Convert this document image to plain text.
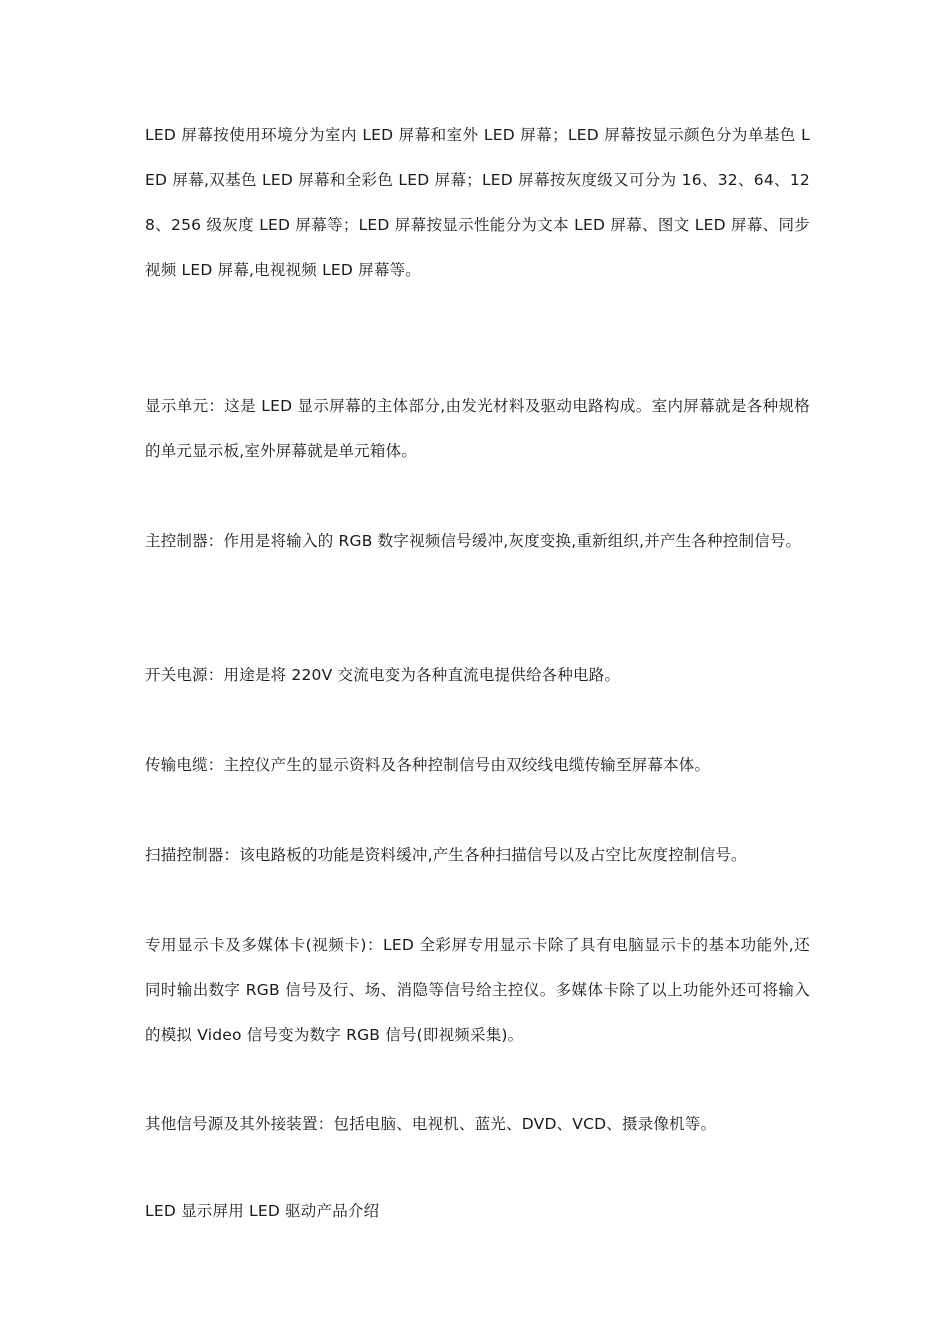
LED 屏幕按使用环境分为室内 LED 屏幕和室外 LED 屏幕；LED 屏幕按显示颜色分为单基色 LED 屏幕,双基色 LED 屏幕和全彩色 LED 屏幕；LED 屏幕按灰度级又可分为 16、32、64、128、256 级灰度 LED 屏幕等；LED 屏幕按显示性能分为文本 LED 屏幕、图文 LED 屏幕、同步视频 LED 屏幕,电视视频 LED 屏幕等。

显示单元：这是 LED 显示屏幕的主体部分,由发光材料及驱动电路构成。室内屏幕就是各种规格的单元显示板,室外屏幕就是单元箱体。

主控制器：作用是将输入的 RGB 数字视频信号缓冲,灰度变换,重新组织,并产生各种控制信号。

开关电源：用途是将 220V 交流电变为各种直流电提供给各种电路。

传输电缆：主控仪产生的显示资料及各种控制信号由双绞线电缆传输至屏幕本体。

扫描控制器：该电路板的功能是资料缓冲,产生各种扫描信号以及占空比灰度控制信号。

专用显示卡及多媒体卡(视频卡)：LED 全彩屏专用显示卡除了具有电脑显示卡的基本功能外,还同时输出数字 RGB 信号及行、场、消隐等信号给主控仪。多媒体卡除了以上功能外还可将输入的模拟 Video 信号变为数字 RGB 信号(即视频采集)。

其他信号源及其外接装置：包括电脑、电视机、蓝光、DVD、VCD、摄录像机等。

LED 显示屏用 LED 驱动产品介绍
